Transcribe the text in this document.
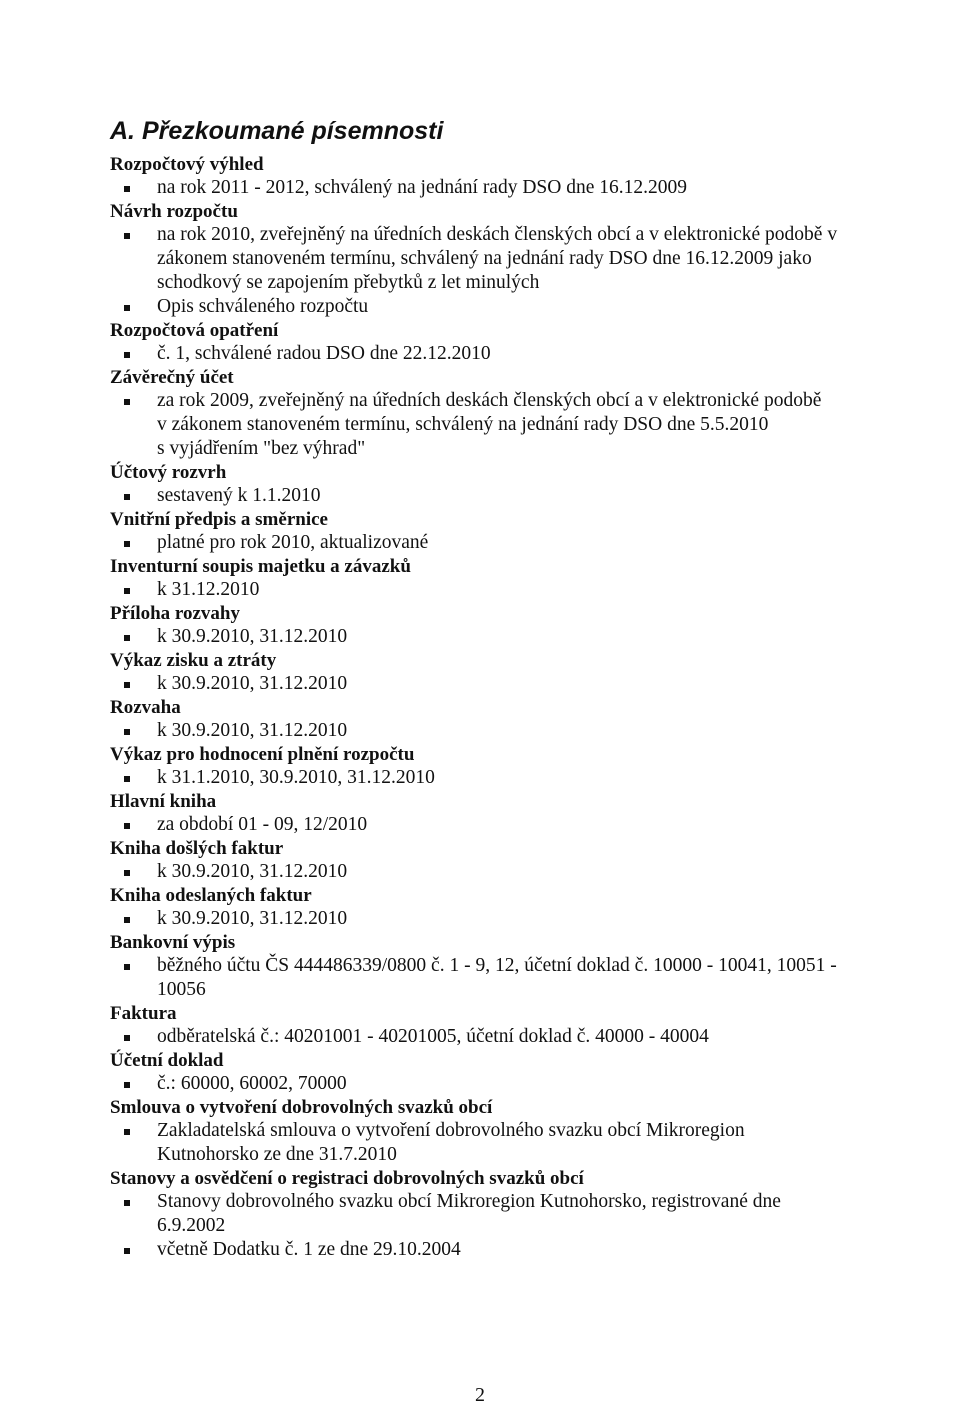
A. Přezkoumané písemnosti
Rozpočtový výhled
na rok 2011 - 2012, schválený na jednání rady DSO dne 16.12.2009
Návrh rozpočtu
na rok 2010, zveřejněný na úředních deskách členských obcí a v elektronické podobě v
zákonem stanoveném termínu, schválený na jednání rady DSO dne 16.12.2009 jako
schodkový se zapojením přebytků z let minulých
Opis schváleného rozpočtu
Rozpočtová opatření
č. 1, schválené radou DSO dne 22.12.2010
Závěrečný účet
za rok 2009, zveřejněný na úředních deskách členských obcí a v elektronické podobě
v zákonem stanoveném termínu, schválený na jednání rady DSO dne 5.5.2010
s vyjádřením "bez výhrad"
Účtový rozvrh
sestavený k 1.1.2010
Vnitřní předpis a směrnice
platné pro rok 2010, aktualizované
Inventurní soupis majetku a závazků
k 31.12.2010
Příloha rozvahy
k 30.9.2010, 31.12.2010
Výkaz zisku a ztráty
k 30.9.2010, 31.12.2010
Rozvaha
k 30.9.2010, 31.12.2010
Výkaz pro hodnocení plnění rozpočtu
k 31.1.2010, 30.9.2010, 31.12.2010
Hlavní kniha
za období 01 - 09, 12/2010
Kniha došlých faktur
k 30.9.2010, 31.12.2010
Kniha odeslaných faktur
k 30.9.2010, 31.12.2010
Bankovní výpis
běžného účtu ČS 444486339/0800 č. 1 - 9, 12, účetní doklad č. 10000 - 10041, 10051 -
10056
Faktura
odběratelská č.: 40201001 - 40201005, účetní doklad č. 40000 - 40004
Účetní doklad
č.: 60000, 60002, 70000
Smlouva o vytvoření dobrovolných svazků obcí
Zakladatelská smlouva o vytvoření dobrovolného svazku obcí Mikroregion
Kutnohorsko ze dne 31.7.2010
Stanovy a osvědčení o registraci dobrovolných svazků obcí
Stanovy dobrovolného svazku obcí Mikroregion Kutnohorsko, registrované dne
6.9.2002
včetně Dodatku č. 1 ze dne 29.10.2004
2
